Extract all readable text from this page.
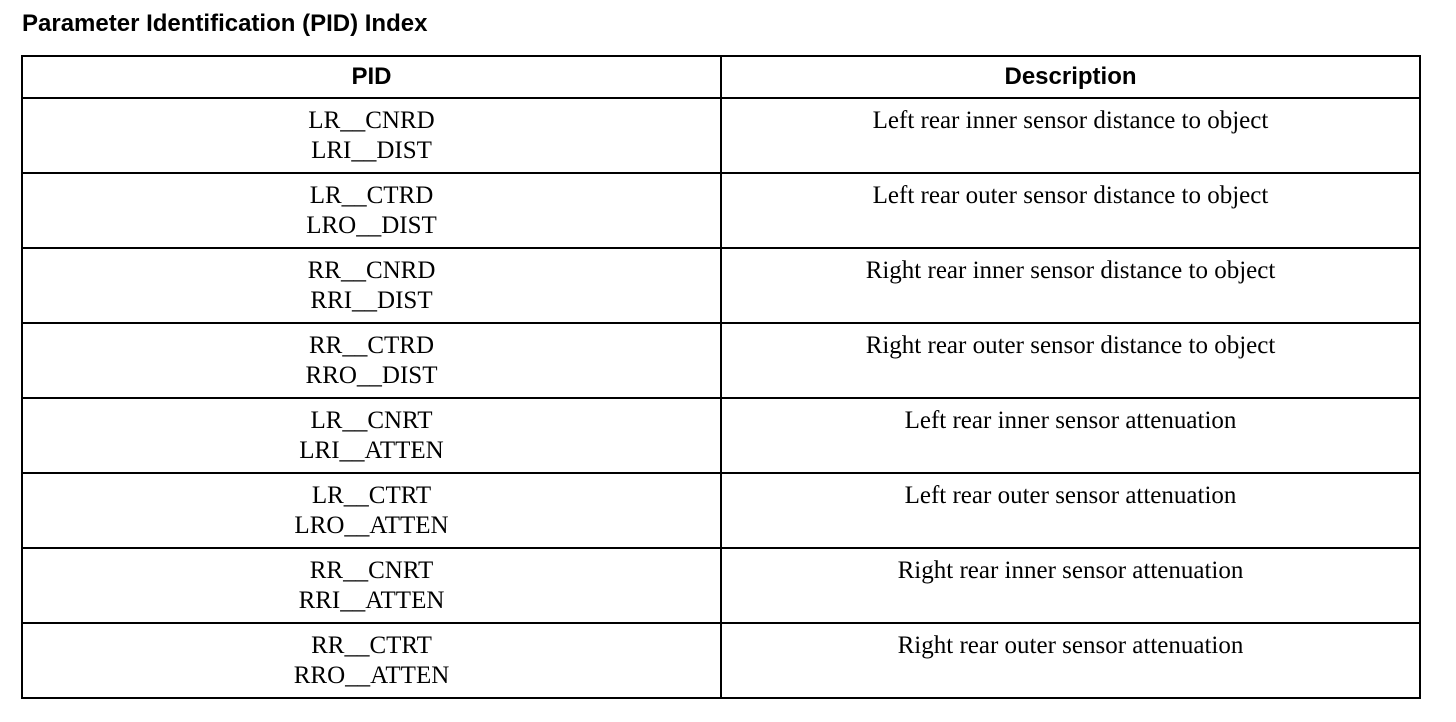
Parameter Identification (PID) Index
PID	Description

LR__CNRD
LRI__DIST	Left rear inner sensor distance to object

LR__CTRD
LRO__DIST	Left rear outer sensor distance to object

RR__CNRD
RRI__DIST	Right rear inner sensor distance to object

RR__CTRD
RRO__DIST	Right rear outer sensor distance to object

LR__CNRT
LRI__ATTEN	Left rear inner sensor attenuation

LR__CTRT
LRO__ATTEN	Left rear outer sensor attenuation

RR__CNRT
RRI__ATTEN	Right rear inner sensor attenuation

RR__CTRT
RRO__ATTEN	Right rear outer sensor attenuation
